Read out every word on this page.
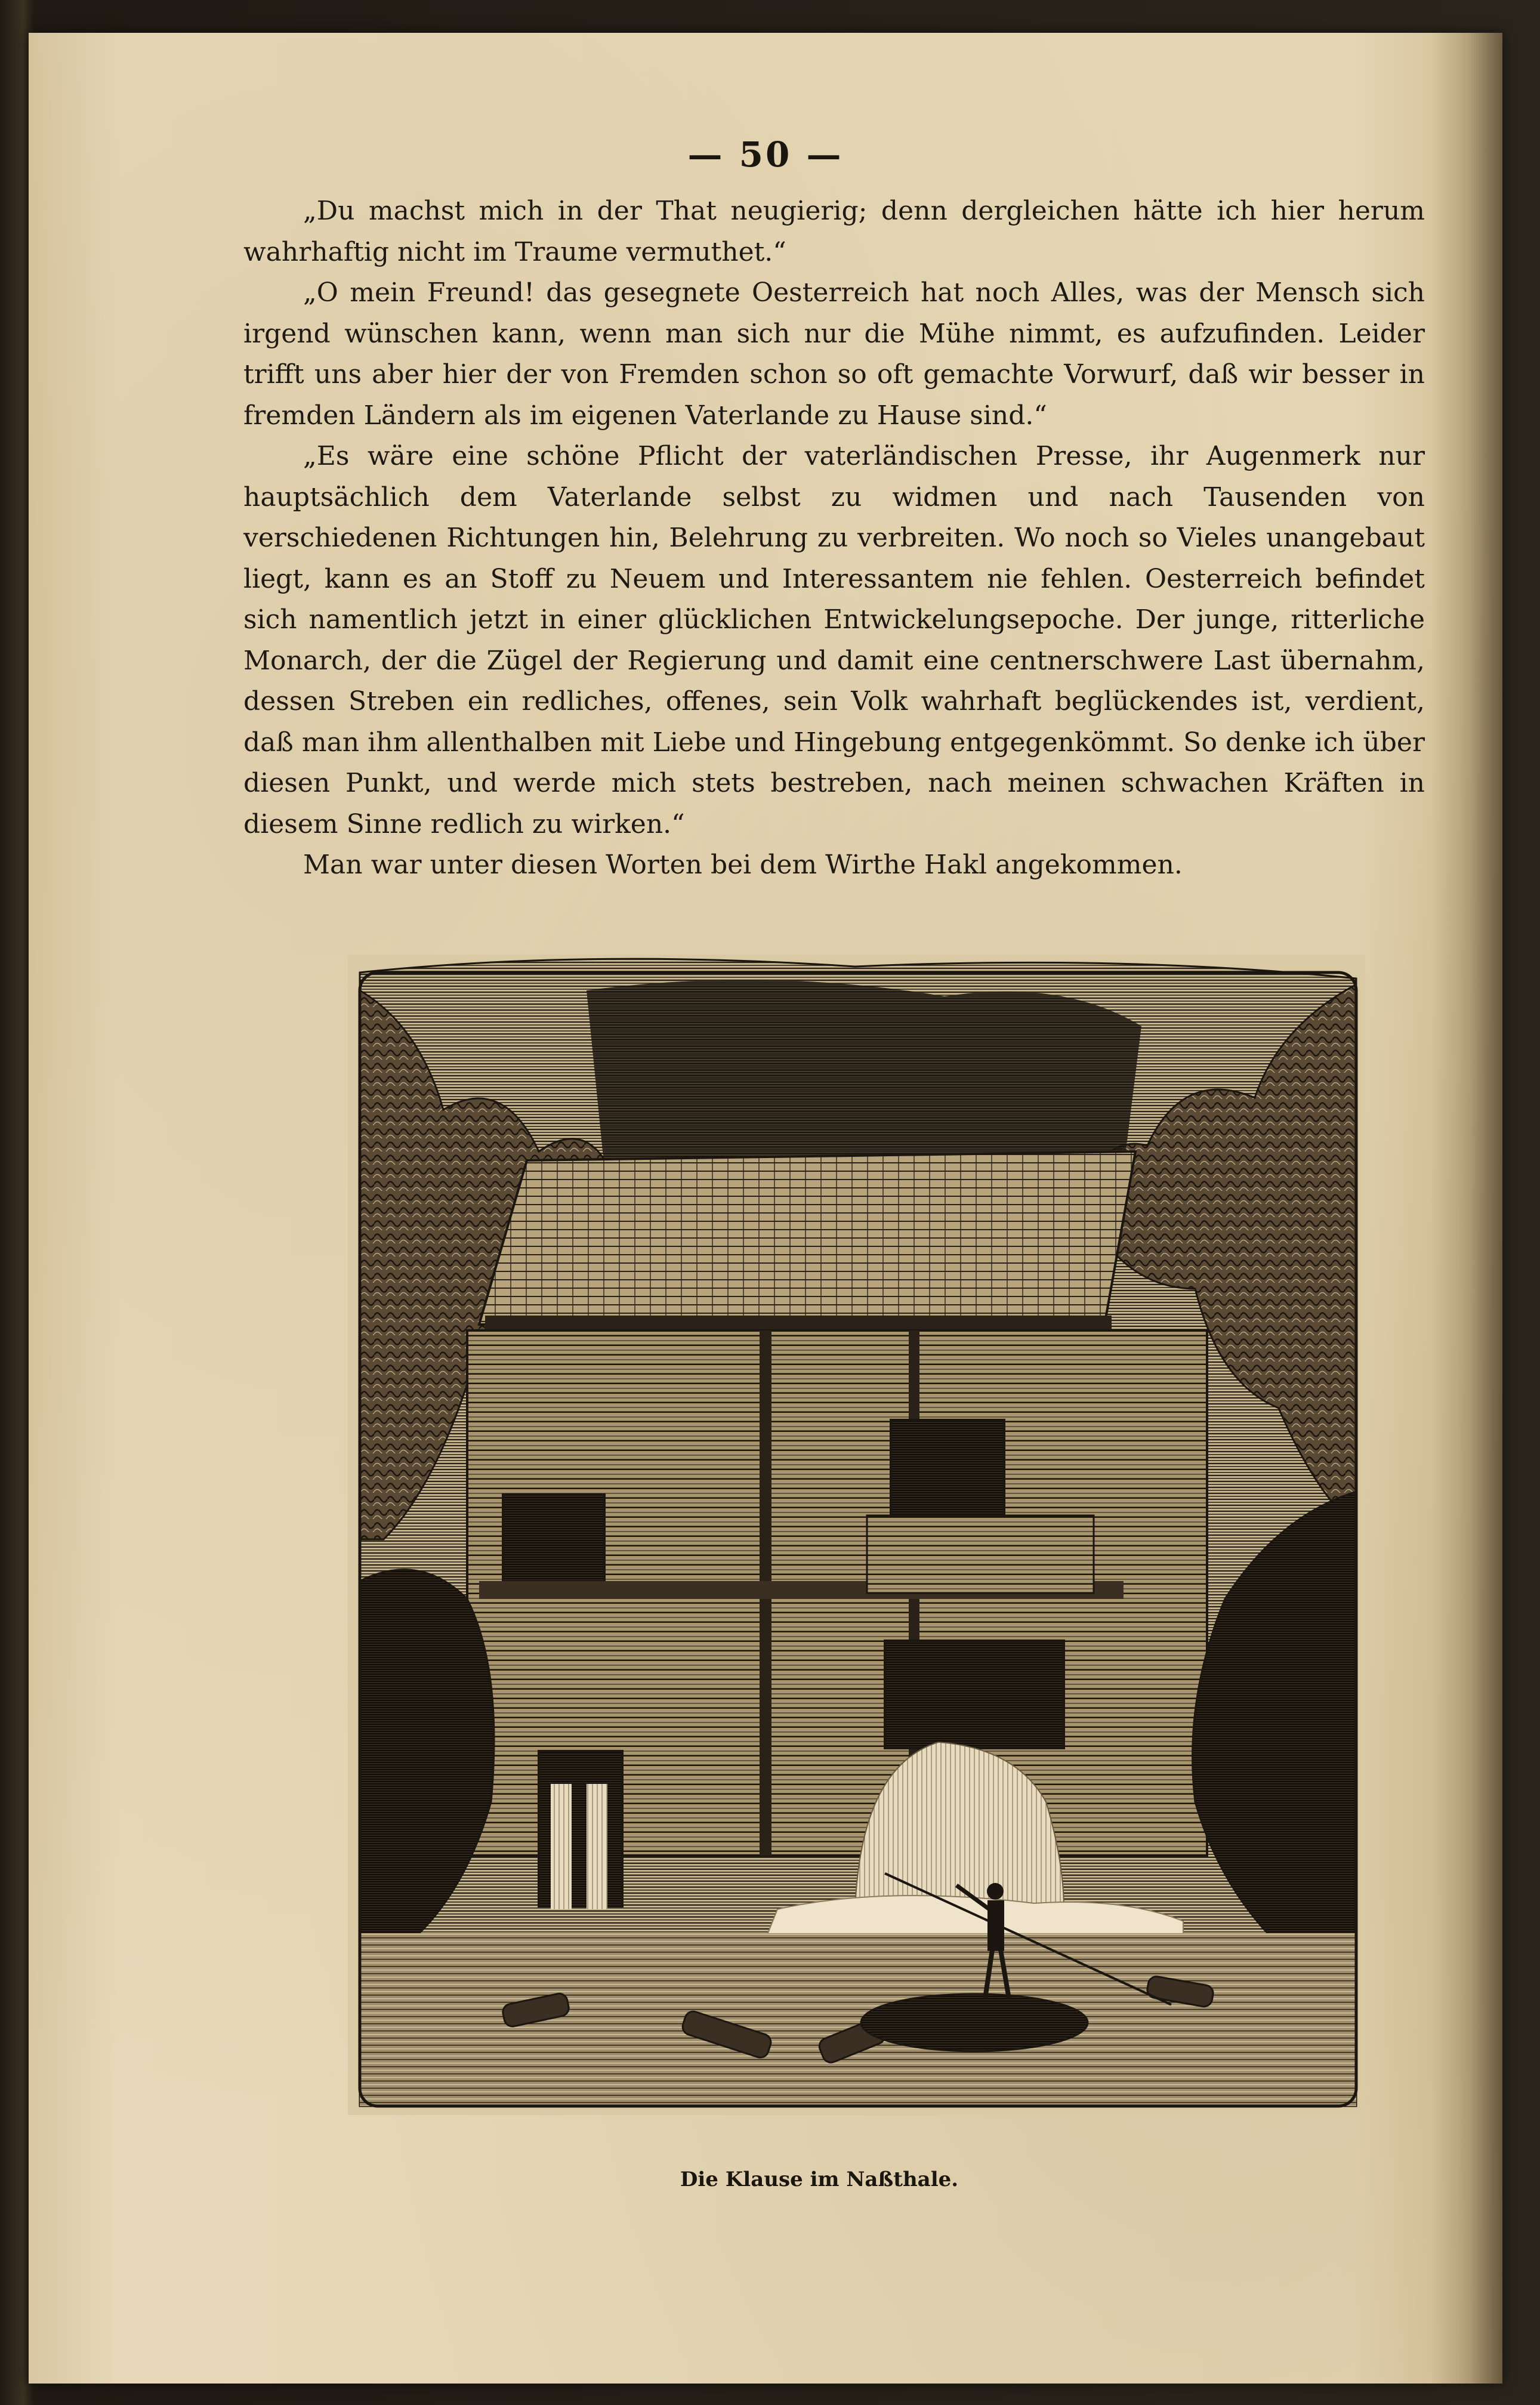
— 50 —

„Du machst mich in der That neugierig; denn dergleichen hätte ich hier herum wahrhaftig nicht im Traume vermuthet.“

„O mein Freund! das gesegnete Oesterreich hat noch Alles, was der Mensch sich irgend wünschen kann, wenn man sich nur die Mühe nimmt, es aufzufinden. Leider trifft uns aber hier der von Fremden schon so oft gemachte Vorwurf, daß wir besser in fremden Ländern als im eigenen Vaterlande zu Hause sind.“

„Es wäre eine schöne Pflicht der vaterländischen Presse, ihr Augenmerk nur hauptsächlich dem Vaterlande selbst zu widmen und nach Tausenden von verschiedenen Richtungen hin, Belehrung zu verbreiten. Wo noch so Vieles unangebaut liegt, kann es an Stoff zu Neuem und Interessantem nie fehlen. Oesterreich befindet sich namentlich jetzt in einer glücklichen Entwickelungsepoche. Der junge, ritterliche Monarch, der die Zügel der Regierung und damit eine centnerschwere Last übernahm, dessen Streben ein redliches, offenes, sein Volk wahrhaft beglückendes ist, verdient, daß man ihm allenthalben mit Liebe und Hingebung entgegenkömmt. So denke ich über diesen Punkt, und werde mich stets bestreben, nach meinen schwachen Kräften in diesem Sinne redlich zu wirken.“

Man war unter diesen Worten bei dem Wirthe Hakl angekommen.

Die Klause im Naßthale.
